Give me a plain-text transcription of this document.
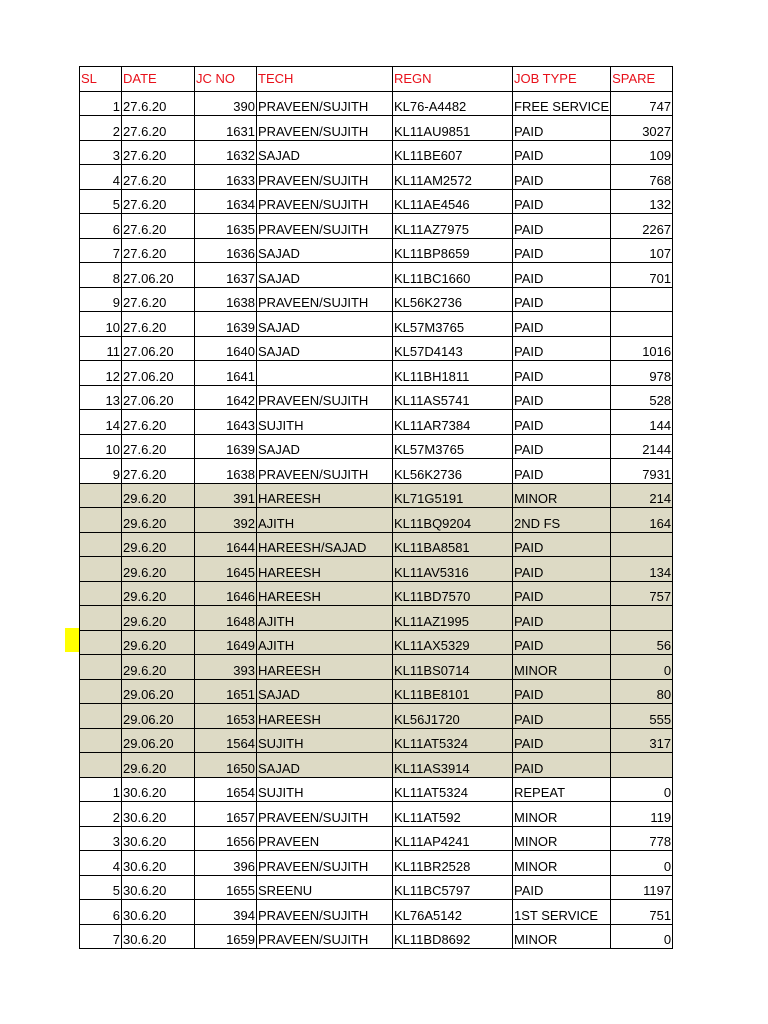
SL	DATE	JC NO	TECH	REGN	JOB TYPE	SPARE
1	27.6.20	390	PRAVEEN/SUJITH	KL76-A4482	FREE SERVICE	747
2	27.6.20	1631	PRAVEEN/SUJITH	KL11AU9851	PAID	3027
3	27.6.20	1632	SAJAD	KL11BE607	PAID	109
4	27.6.20	1633	PRAVEEN/SUJITH	KL11AM2572	PAID	768
5	27.6.20	1634	PRAVEEN/SUJITH	KL11AE4546	PAID	132
6	27.6.20	1635	PRAVEEN/SUJITH	KL11AZ7975	PAID	2267
7	27.6.20	1636	SAJAD	KL11BP8659	PAID	107
8	27.06.20	1637	SAJAD	KL11BC1660	PAID	701
9	27.6.20	1638	PRAVEEN/SUJITH	KL56K2736	PAID	
10	27.6.20	1639	SAJAD	KL57M3765	PAID	
11	27.06.20	1640	SAJAD	KL57D4143	PAID	1016
12	27.06.20	1641		KL11BH1811	PAID	978
13	27.06.20	1642	PRAVEEN/SUJITH	KL11AS5741	PAID	528
14	27.6.20	1643	SUJITH	KL11AR7384	PAID	144
10	27.6.20	1639	SAJAD	KL57M3765	PAID	2144
9	27.6.20	1638	PRAVEEN/SUJITH	KL56K2736	PAID	7931
	29.6.20	391	HAREESH	KL71G5191	MINOR	214
	29.6.20	392	AJITH	KL11BQ9204	2ND FS	164
	29.6.20	1644	HAREESH/SAJAD	KL11BA8581	PAID	
	29.6.20	1645	HAREESH	KL11AV5316	PAID	134
	29.6.20	1646	HAREESH	KL11BD7570	PAID	757
	29.6.20	1648	AJITH	KL11AZ1995	PAID	
	29.6.20	1649	AJITH	KL11AX5329	PAID	56
	29.6.20	393	HAREESH	KL11BS0714	MINOR	0
	29.06.20	1651	SAJAD	KL11BE8101	PAID	80
	29.06.20	1653	HAREESH	KL56J1720	PAID	555
	29.06.20	1564	SUJITH	KL11AT5324	PAID	317
	29.6.20	1650	SAJAD	KL11AS3914	PAID	
1	30.6.20	1654	SUJITH	KL11AT5324	REPEAT	0
2	30.6.20	1657	PRAVEEN/SUJITH	KL11AT592	MINOR	119
3	30.6.20	1656	PRAVEEN	KL11AP4241	MINOR	778
4	30.6.20	396	PRAVEEN/SUJITH	KL11BR2528	MINOR	0
5	30.6.20	1655	SREENU	KL11BC5797	PAID	1197
6	30.6.20	394	PRAVEEN/SUJITH	KL76A5142	1ST SERVICE	751
7	30.6.20	1659	PRAVEEN/SUJITH	KL11BD8692	MINOR	0
